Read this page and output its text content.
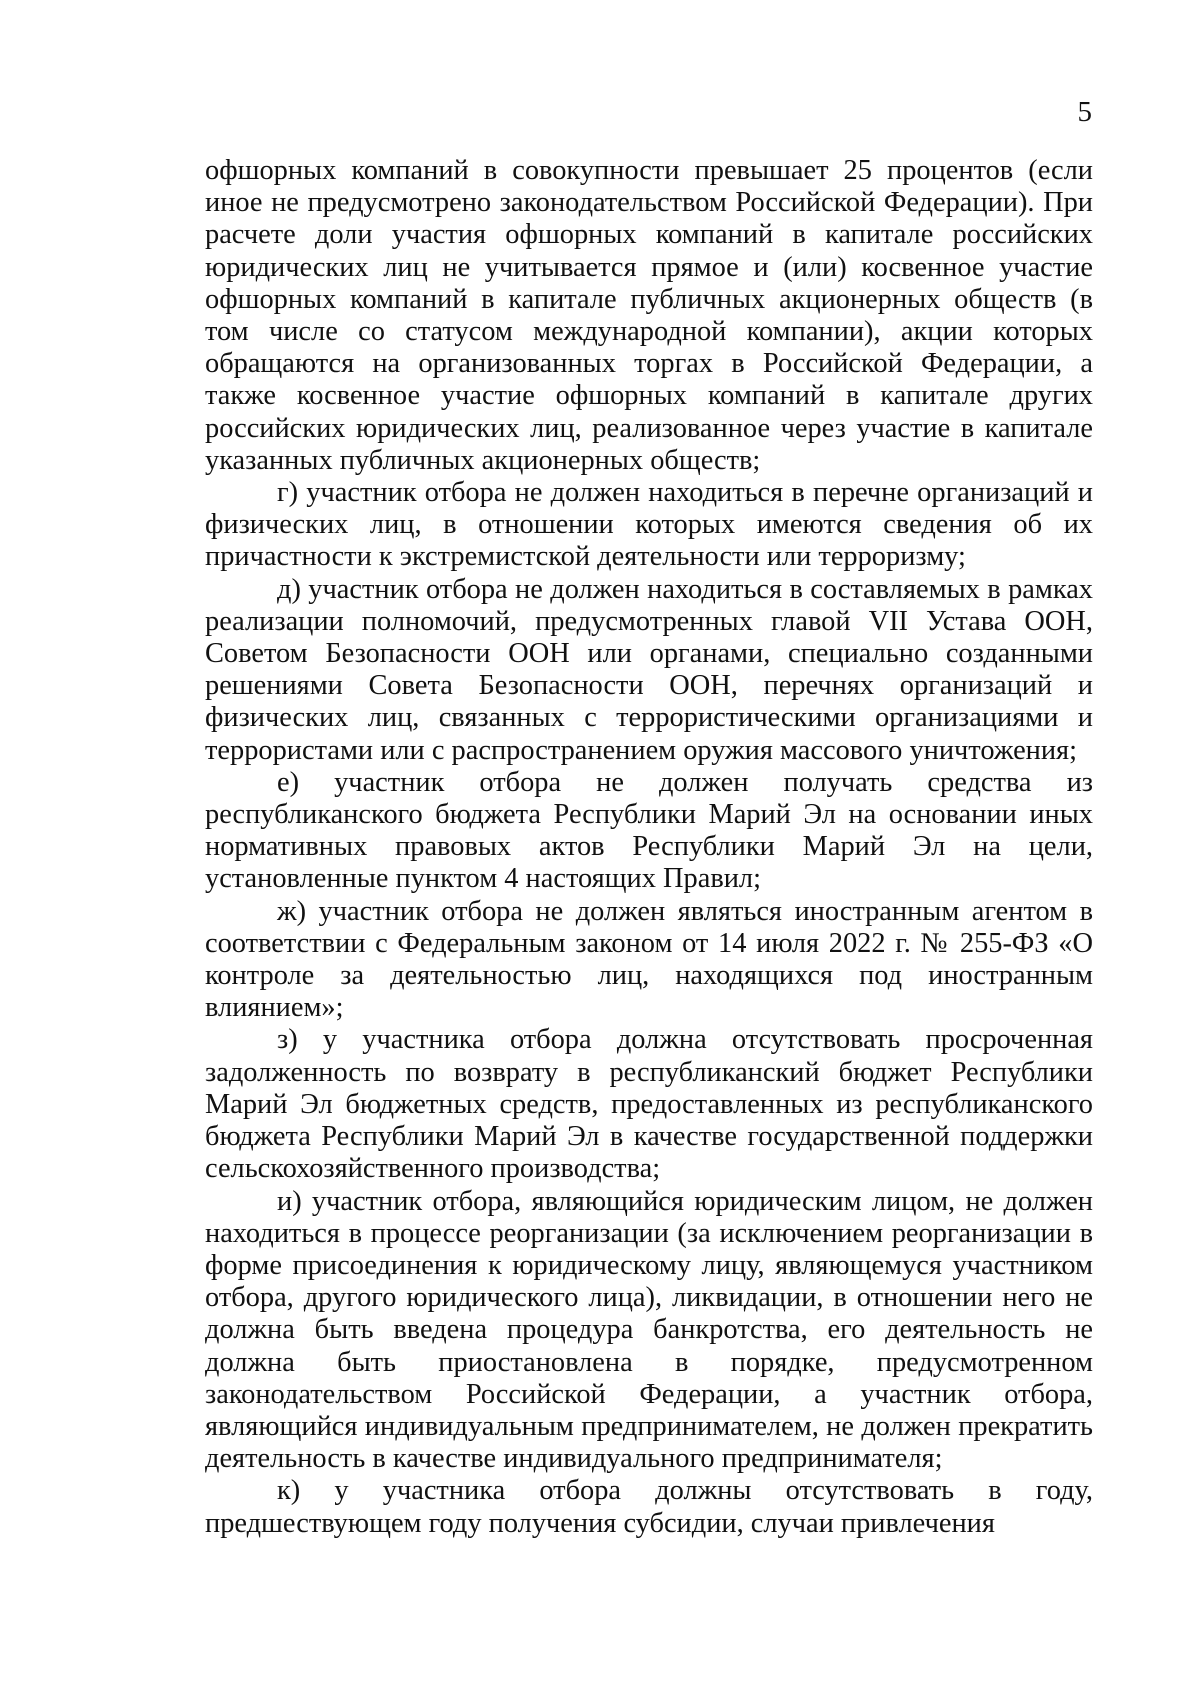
5

офшорных компаний в совокупности превышает 25 процентов (если иное не предусмотрено законодательством Российской Федерации). При расчете доли участия офшорных компаний в капитале российских юридических лиц не учитывается прямое и (или) косвенное участие офшорных компаний в капитале публичных акционерных обществ (в том числе со статусом международной компании), акции которых обращаются на организованных торгах в Российской Федерации, а также косвенное участие офшорных компаний в капитале других российских юридических лиц, реализованное через участие в капитале указанных публичных акционерных обществ;

г) участник отбора не должен находиться в перечне организаций и физических лиц, в отношении которых имеются сведения об их причастности к экстремистской деятельности или терроризму;

д) участник отбора не должен находиться в составляемых в рамках реализации полномочий, предусмотренных главой VII Устава ООН, Советом Безопасности ООН или органами, специально созданными решениями Совета Безопасности ООН, перечнях организаций и физических лиц, связанных с террористическими организациями и террористами или с распространением оружия массового уничтожения;

е) участник отбора не должен получать средства из республиканского бюджета Республики Марий Эл на основании иных нормативных правовых актов Республики Марий Эл на цели, установленные пунктом 4 настоящих Правил;

ж) участник отбора не должен являться иностранным агентом в соответствии с Федеральным законом от 14 июля 2022 г. № 255-ФЗ «О контроле за деятельностью лиц, находящихся под иностранным влиянием»;

з) у участника отбора должна отсутствовать просроченная задолженность по возврату в республиканский бюджет Республики Марий Эл бюджетных средств, предоставленных из республиканского бюджета Республики Марий Эл в качестве государственной поддержки сельскохозяйственного производства;

и) участник отбора, являющийся юридическим лицом, не должен находиться в процессе реорганизации (за исключением реорганизации в форме присоединения к юридическому лицу, являющемуся участником отбора, другого юридического лица), ликвидации, в отношении него не должна быть введена процедура банкротства, его деятельность не должна быть приостановлена в порядке, предусмотренном законодательством Российской Федерации, а участник отбора, являющийся индивидуальным предпринимателем, не должен прекратить деятельность в качестве индивидуального предпринимателя;

к) у участника отбора должны отсутствовать в году, предшествующем году получения субсидии, случаи привлечения
